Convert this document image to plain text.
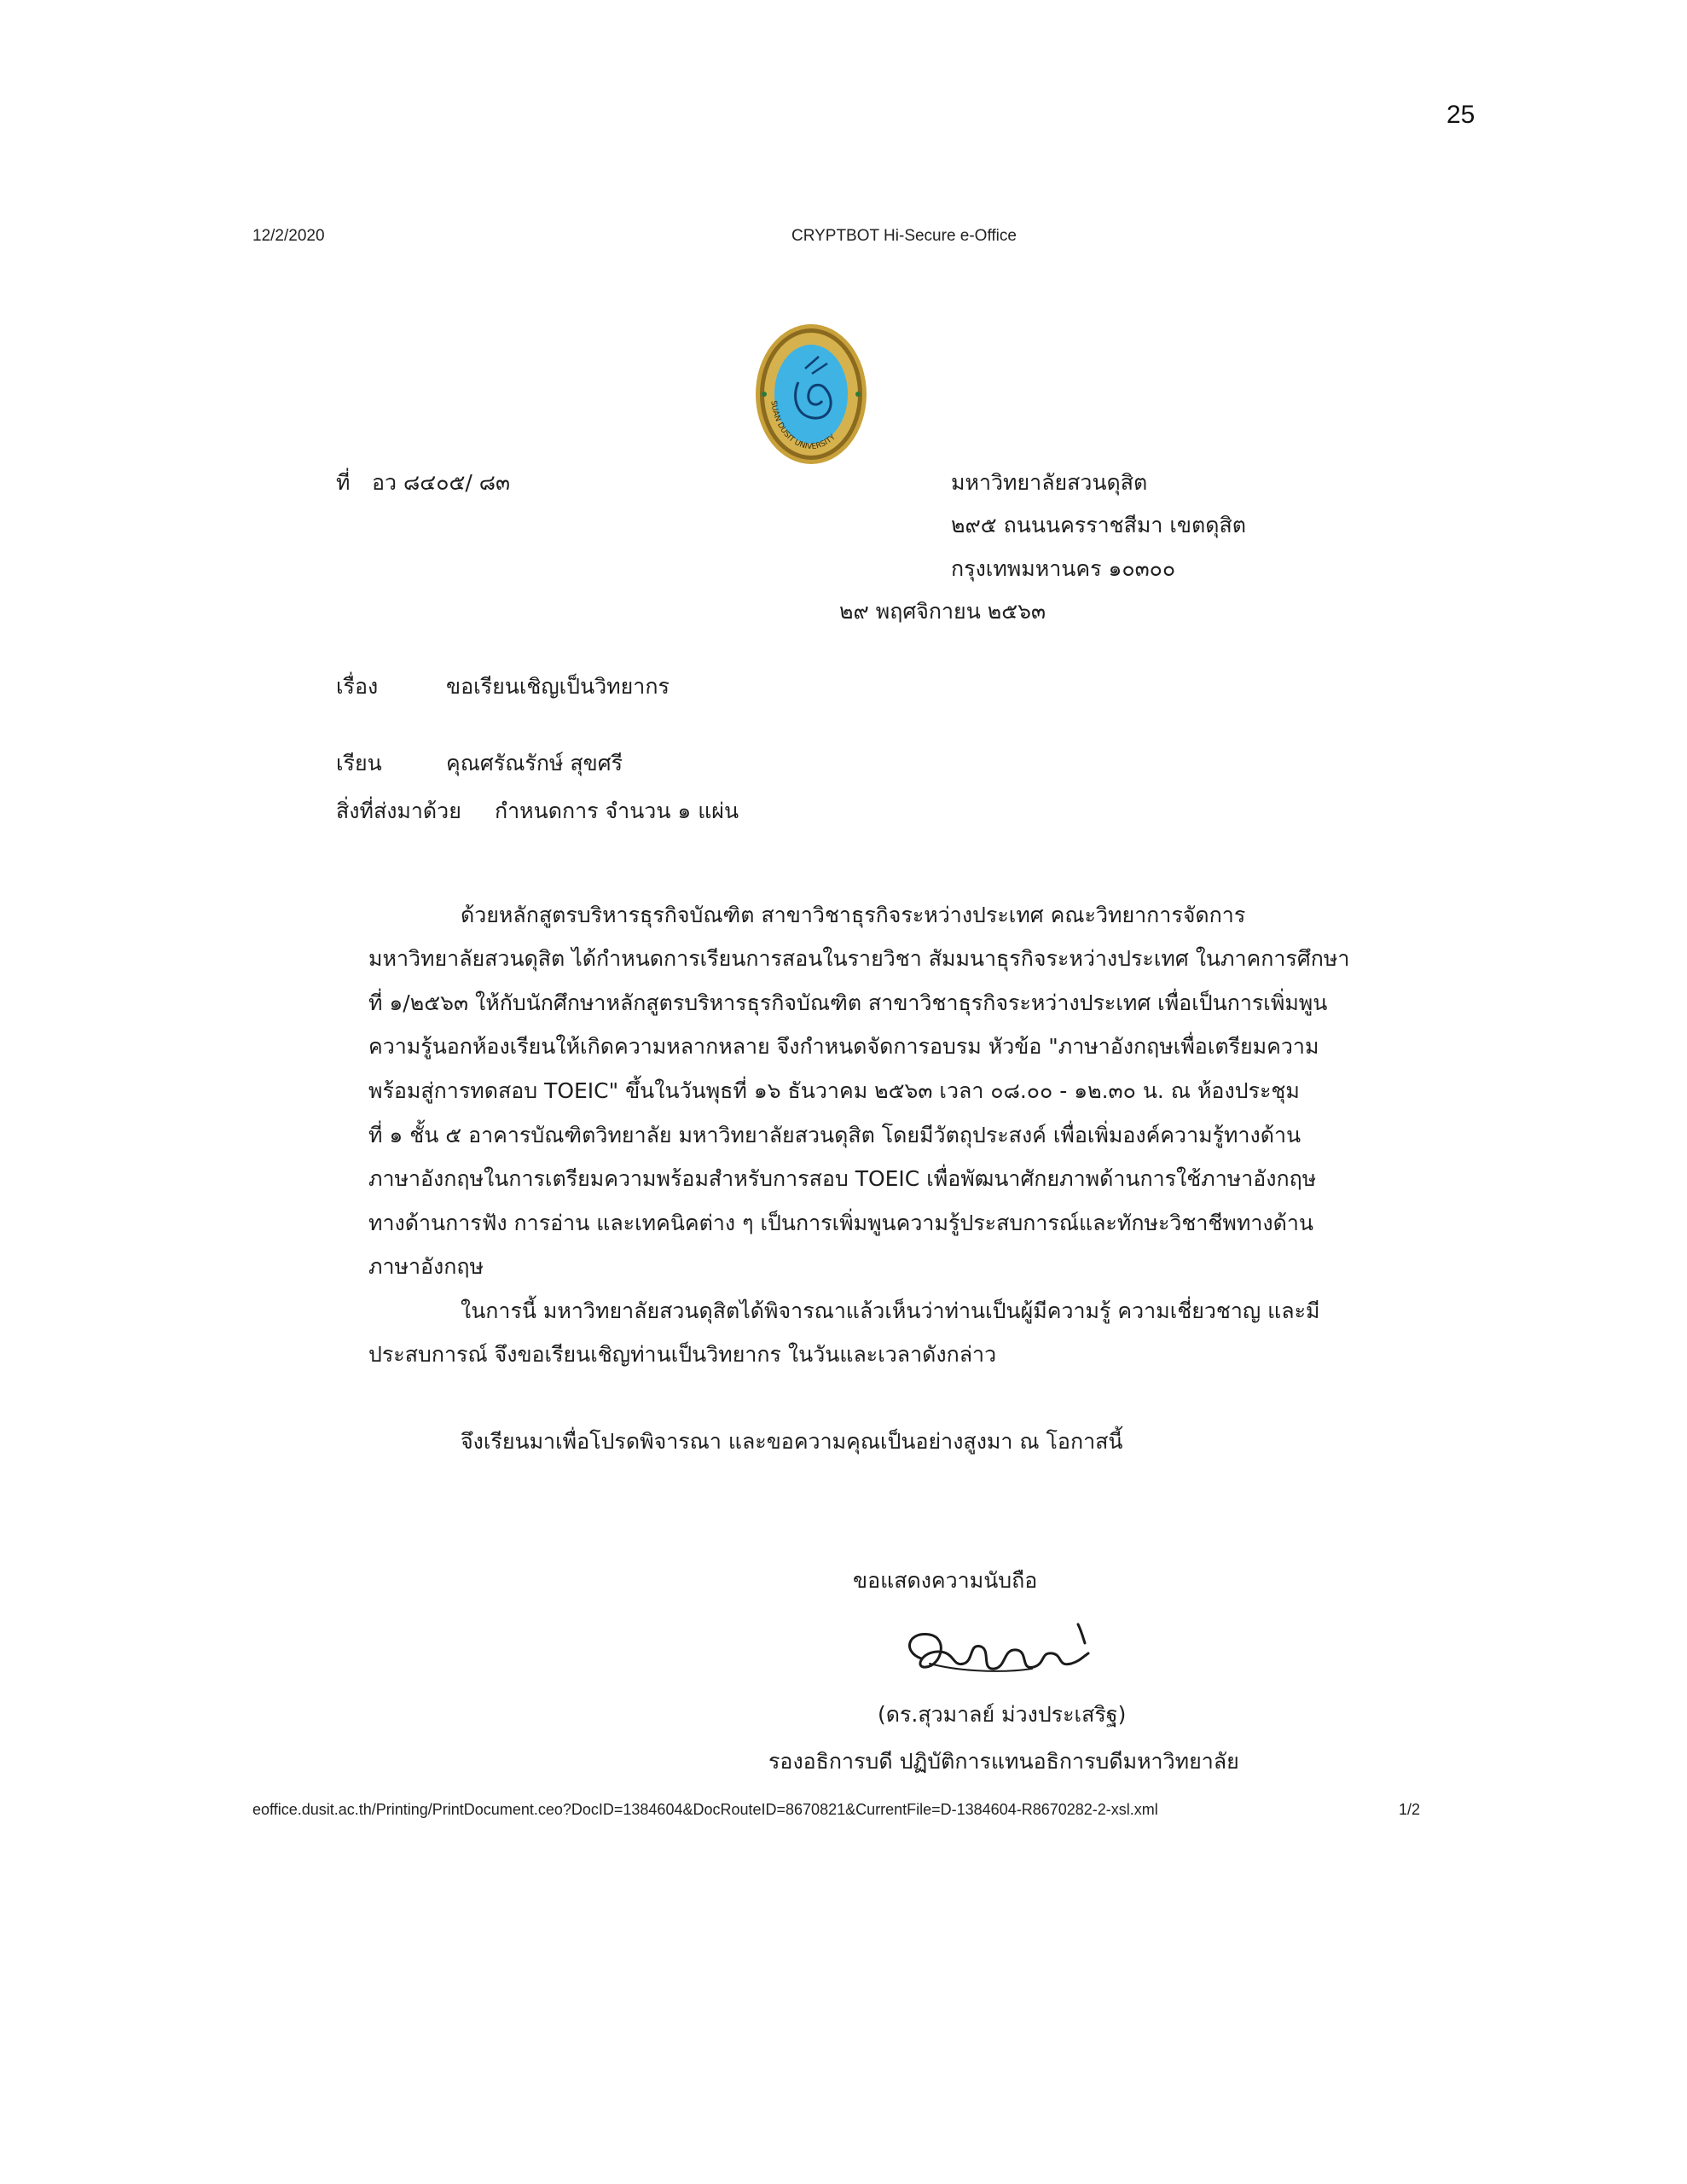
25
12/2/2020	CRYPTBOT Hi-Secure e-Office
SUAN DUSIT UNIVERSITY
ที่ อว ๘๔๐๕/ ๘๓	มหาวิทยาลัยสวนดุสิต
๒๙๕ ถนนนครราชสีมา เขตดุสิต
กรุงเทพมหานคร ๑๐๓๐๐
๒๙ พฤศจิกายน ๒๕๖๓
เรื่อง	ขอเรียนเชิญเป็นวิทยากร
เรียน	คุณศรัณรักษ์ สุขศรี
สิ่งที่ส่งมาด้วย กำหนดการ จำนวน ๑ แผ่น
ด้วยหลักสูตรบริหารธุรกิจบัณฑิต สาขาวิชาธุรกิจระหว่างประเทศ คณะวิทยาการจัดการ
มหาวิทยาลัยสวนดุสิต ได้กำหนดการเรียนการสอนในรายวิชา สัมมนาธุรกิจระหว่างประเทศ ในภาคการศึกษา
ที่ ๑/๒๕๖๓ ให้กับนักศึกษาหลักสูตรบริหารธุรกิจบัณฑิต สาขาวิชาธุรกิจระหว่างประเทศ เพื่อเป็นการเพิ่มพูน
ความรู้นอกห้องเรียนให้เกิดความหลากหลาย จึงกำหนดจัดการอบรม หัวข้อ "ภาษาอังกฤษเพื่อเตรียมความ
พร้อมสู่การทดสอบ TOEIC" ขึ้นในวันพุธที่ ๑๖ ธันวาคม ๒๕๖๓ เวลา ๐๘.๐๐ - ๑๒.๓๐ น. ณ ห้องประชุม
ที่ ๑ ชั้น ๕ อาคารบัณฑิตวิทยาลัย มหาวิทยาลัยสวนดุสิต โดยมีวัตถุประสงค์ เพื่อเพิ่มองค์ความรู้ทางด้าน
ภาษาอังกฤษในการเตรียมความพร้อมสำหรับการสอบ TOEIC เพื่อพัฒนาศักยภาพด้านการใช้ภาษาอังกฤษ
ทางด้านการฟัง การอ่าน และเทคนิคต่าง ๆ เป็นการเพิ่มพูนความรู้ประสบการณ์และทักษะวิชาชีพทางด้าน
ภาษาอังกฤษ
ในการนี้ มหาวิทยาลัยสวนดุสิตได้พิจารณาแล้วเห็นว่าท่านเป็นผู้มีความรู้ ความเชี่ยวชาญ และมี
ประสบการณ์ จึงขอเรียนเชิญท่านเป็นวิทยากร ในวันและเวลาดังกล่าว
จึงเรียนมาเพื่อโปรดพิจารณา และขอความคุณเป็นอย่างสูงมา ณ โอกาสนี้
ขอแสดงความนับถือ
(ดร.สุวมาลย์ ม่วงประเสริฐ)
รองอธิการบดี ปฏิบัติการแทนอธิการบดีมหาวิทยาลัย
eoffice.dusit.ac.th/Printing/PrintDocument.ceo?DocID=1384604&DocRouteID=8670821&CurrentFile=D-1384604-R8670282-2-xsl.xml	1/2
